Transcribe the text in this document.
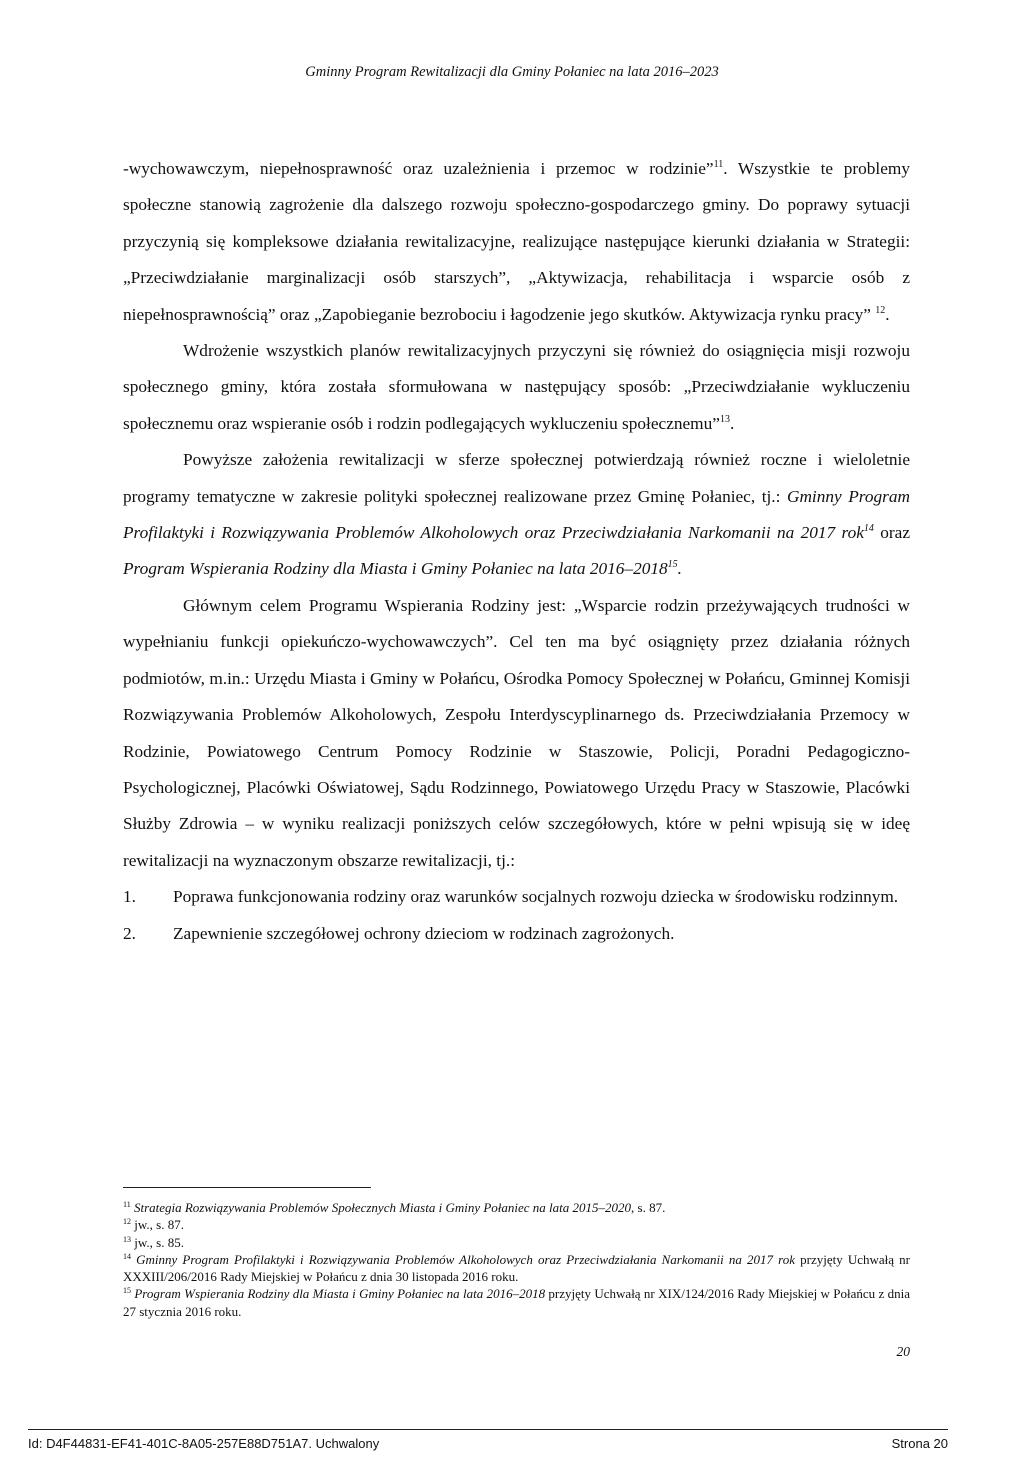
Gminny Program Rewitalizacji dla Gminy Połaniec na lata 2016–2023

-wychowawczym, niepełnosprawność oraz uzależnienia i przemoc w rodzinie”$^{11}$. Wszystkie te problemy społeczne stanowią zagrożenie dla dalszego rozwoju społeczno-gospodarczego gminy. Do poprawy sytuacji przyczynią się kompleksowe działania rewitalizacyjne, realizujące następujące kierunki działania w Strategii: „Przeciwdziałanie marginalizacji osób starszych”, „Aktywizacja, rehabilitacja i wsparcie osób z niepełnosprawnością” oraz „Zapobieganie bezrobociu i łagodzenie jego skutków. Aktywizacja rynku pracy” $^{12}$.

Wdrożenie wszystkich planów rewitalizacyjnych przyczyni się również do osiągnięcia misji rozwoju społecznego gminy, która została sformułowana w następujący sposób: „Przeciwdziałanie wykluczeniu społecznemu oraz wspieranie osób i rodzin podlegających wykluczeniu społecznemu”$^{13}$.

Powyższe założenia rewitalizacji w sferze społecznej potwierdzają również roczne i wieloletnie programy tematyczne w zakresie polityki społecznej realizowane przez Gminę Połaniec, tj.: Gminny Program Profilaktyki i Rozwiązywania Problemów Alkoholowych oraz Przeciwdziałania Narkomanii na 2017 rok$^{14}$ oraz Program Wspierania Rodziny dla Miasta i Gminy Połaniec na lata 2016–2018$^{15}$.

Głównym celem Programu Wspierania Rodziny jest: „Wsparcie rodzin przeżywających trudności w wypełnianiu funkcji opiekuńczo-wychowawczych”. Cel ten ma być osiągnięty przez działania różnych podmiotów, m.in.: Urzędu Miasta i Gminy w Połańcu, Ośrodka Pomocy Społecznej w Połańcu, Gminnej Komisji Rozwiązywania Problemów Alkoholowych, Zespołu Interdyscyplinarnego ds. Przeciwdziałania Przemocy w Rodzinie, Powiatowego Centrum Pomocy Rodzinie w Staszowie, Policji, Poradni Pedagogiczno-Psychologicznej, Placówki Oświatowej, Sądu Rodzinnego, Powiatowego Urzędu Pracy w Staszowie, Placówki Służby Zdrowia – w wyniku realizacji poniższych celów szczegółowych, które w pełni wpisują się w ideę rewitalizacji na wyznaczonym obszarze rewitalizacji, tj.:

1.	Poprawa funkcjonowania rodziny oraz warunków socjalnych rozwoju dziecka w środowisku rodzinnym.
2.	Zapewnienie szczegółowej ochrony dzieciom w rodzinach zagrożonych.

$^{11}$ Strategia Rozwiązywania Problemów Społecznych Miasta i Gminy Połaniec na lata 2015–2020, s. 87.

$^{12}$ jw., s. 87.

$^{13}$ jw., s. 85.

$^{14}$ Gminny Program Profilaktyki i Rozwiązywania Problemów Alkoholowych oraz Przeciwdziałania Narkomanii na 2017 rok przyjęty Uchwałą nr XXXIII/206/2016 Rady Miejskiej w Połańcu z dnia 30 listopada 2016 roku.

$^{15}$ Program Wspierania Rodziny dla Miasta i Gminy Połaniec na lata 2016–2018 przyjęty Uchwałą nr XIX/124/2016 Rady Miejskiej w Połańcu z dnia 27 stycznia 2016 roku.

20
Id: D4F44831-EF41-401C-8A05-257E88D751A7. Uchwalony	Strona 20
